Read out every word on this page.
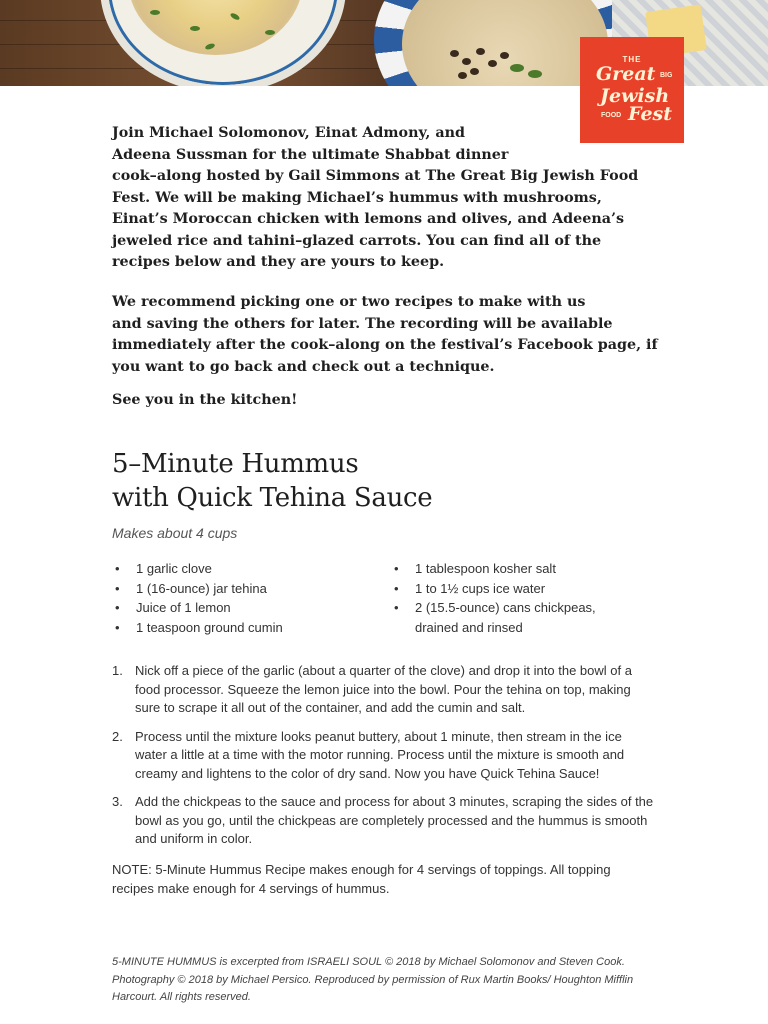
THE
Great BIG
Jewish
FOOD Fest

Join Michael Solomonov, Einat Admony, and
Adeena Sussman for the ultimate Shabbat dinner
cook–along hosted by Gail Simmons at The Great Big Jewish Food
Fest. We will be making Michael’s hummus with mushrooms,
Einat’s Moroccan chicken with lemons and olives, and Adeena’s
jeweled rice and tahini–glazed carrots. You can find all of the
recipes below and they are yours to keep.

We recommend picking one or two recipes to make with us
and saving the others for later. The recording will be available
immediately after the cook–along on the festival’s Facebook page, if
you want to go back and check out a technique.

See you in the kitchen!

5–Minute Hummus
with Quick Tehina Sauce
Makes about 4 cups
• 1 garlic clove
• 1 (16-ounce) jar tehina
• Juice of 1 lemon
• 1 teaspoon ground cumin
• 1 tablespoon kosher salt
• 1 to 1½ cups ice water
• 2 (15.5-ounce) cans chickpeas,
drained and rinsed
1. Nick off a piece of the garlic (about a quarter of the clove) and drop it into the bowl of a food processor. Squeeze the lemon juice into the bowl. Pour the tehina on top, making sure to scrape it all out of the container, and add the cumin and salt.
2. Process until the mixture looks peanut buttery, about 1 minute, then stream in the ice water a little at a time with the motor running. Process until the mixture is smooth and creamy and lightens to the color of dry sand. Now you have Quick Tehina Sauce!
3. Add the chickpeas to the sauce and process for about 3 minutes, scraping the sides of the bowl as you go, until the chickpeas are completely processed and the hummus is smooth and uniform in color.

NOTE: 5-Minute Hummus Recipe makes enough for 4 servings of toppings. All topping recipes make enough for 4 servings of hummus.

5-MINUTE HUMMUS is excerpted from ISRAELI SOUL © 2018 by Michael Solomonov and Steven Cook. Photography © 2018 by Michael Persico. Reproduced by permission of Rux Martin Books/ Houghton Mifflin Harcourt. All rights reserved.
